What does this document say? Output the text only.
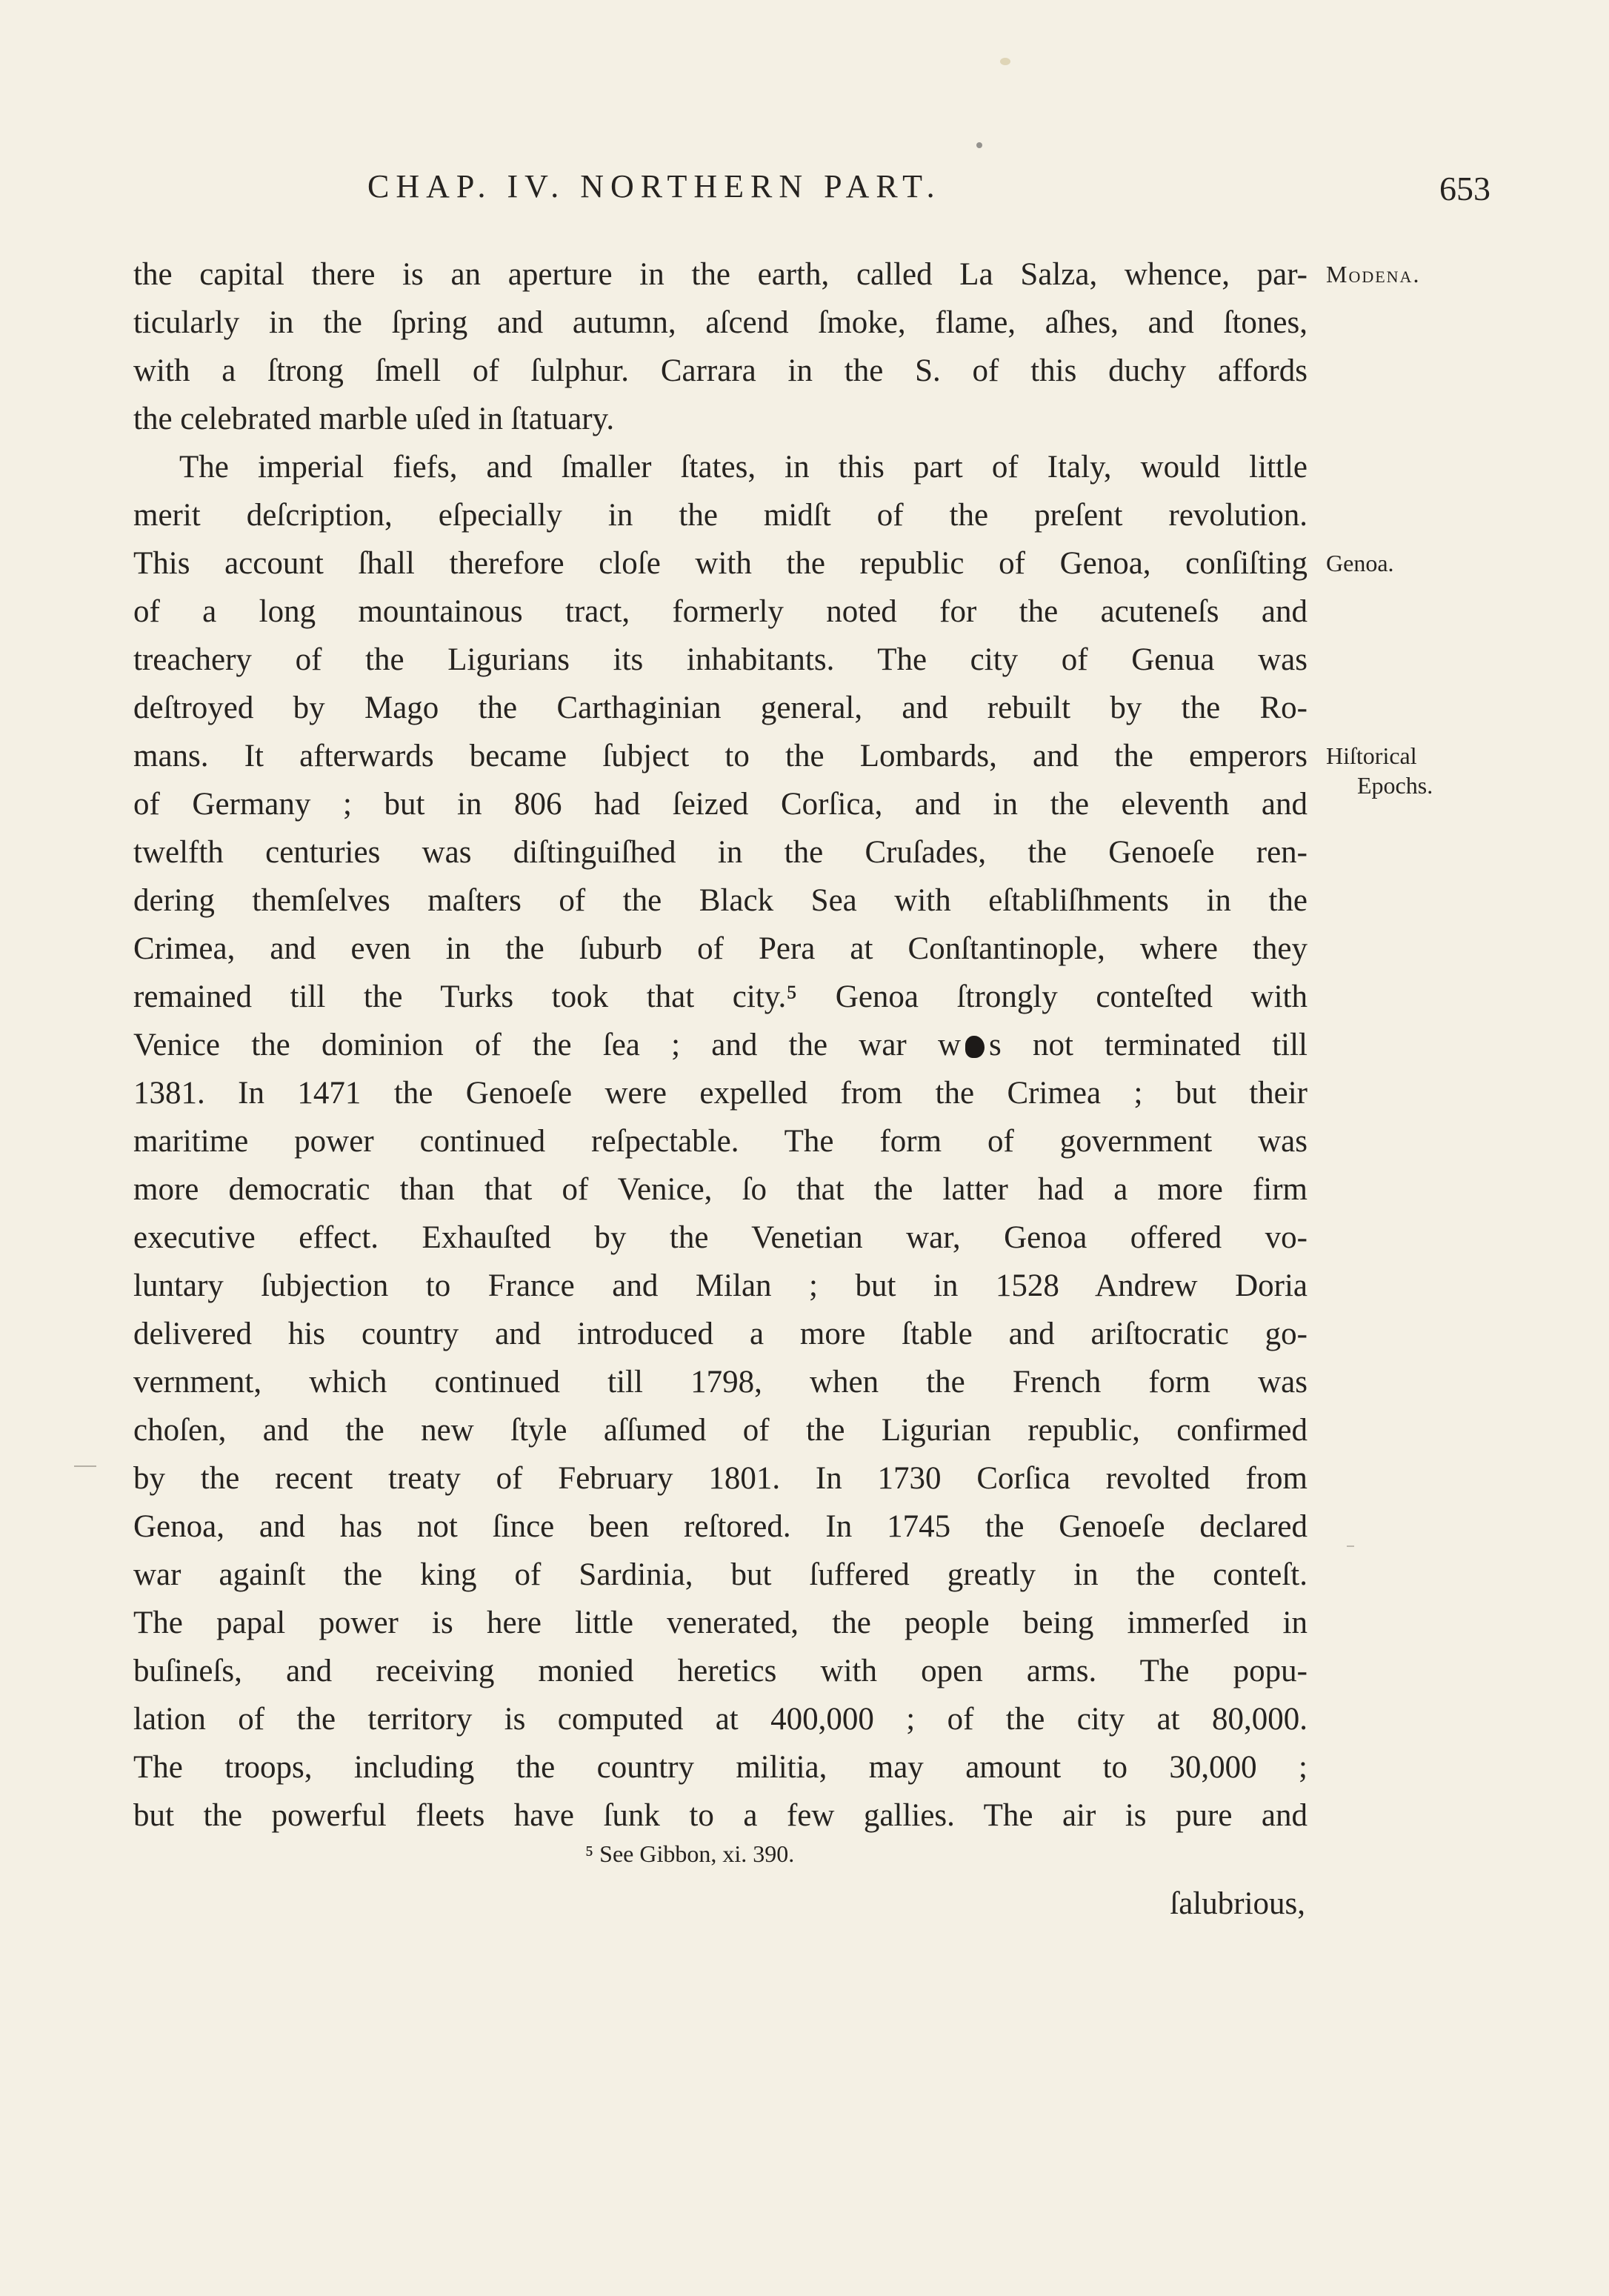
CHAP. IV. NORTHERN PART.	653
Modena.
Genoa.
Hiſtorical
Epochs.
the capital there is an aperture in the earth, called La Salza, whence, par-
ticularly in the ſpring and autumn, aſcend ſmoke, flame, aſhes, and ſtones,
with a ſtrong ſmell of ſulphur. Carrara in the S. of this duchy affords
the celebrated marble uſed in ſtatuary.
The imperial fiefs, and ſmaller ſtates, in this part of Italy, would little
merit deſcription, eſpecially in the midſt of the preſent revolution.
This account ſhall therefore cloſe with the republic of Genoa, conſiſting
of a long mountainous tract, formerly noted for the acuteneſs and
treachery of the Ligurians its inhabitants. The city of Genua was
deſtroyed by Mago the Carthaginian general, and rebuilt by the Ro-
mans. It afterwards became ſubject to the Lombards, and the emperors
of Germany ; but in 806 had ſeized Corſica, and in the eleventh and
twelfth centuries was diſtinguiſhed in the Cruſades, the Genoeſe ren-
dering themſelves maſters of the Black Sea with eſtabliſhments in the
Crimea, and even in the ſuburb of Pera at Conſtantinople, where they
remained till the Turks took that city.⁵ Genoa ſtrongly conteſted with
Venice the dominion of the ſea ; and the war w s not terminated till
1381. In 1471 the Genoeſe were expelled from the Crimea ; but their
maritime power continued reſpectable. The form of government was
more democratic than that of Venice, ſo that the latter had a more firm
executive effect. Exhauſted by the Venetian war, Genoa offered vo-
luntary ſubjection to France and Milan ; but in 1528 Andrew Doria
delivered his country and introduced a more ſtable and ariſtocratic go-
vernment, which continued till 1798, when the French form was
choſen, and the new ſtyle aſſumed of the Ligurian republic, confirmed
by the recent treaty of February 1801. In 1730 Corſica revolted from
Genoa, and has not ſince been reſtored. In 1745 the Genoeſe declared
war againſt the king of Sardinia, but ſuffered greatly in the conteſt.
The papal power is here little venerated, the people being immerſed in
buſineſs, and receiving monied heretics with open arms. The popu-
lation of the territory is computed at 400,000 ; of the city at 80,000.
The troops, including the country militia, may amount to 30,000 ;
but the powerful fleets have ſunk to a few gallies. The air is pure and
⁵ See Gibbon, xi. 390.
ſalubrious,
